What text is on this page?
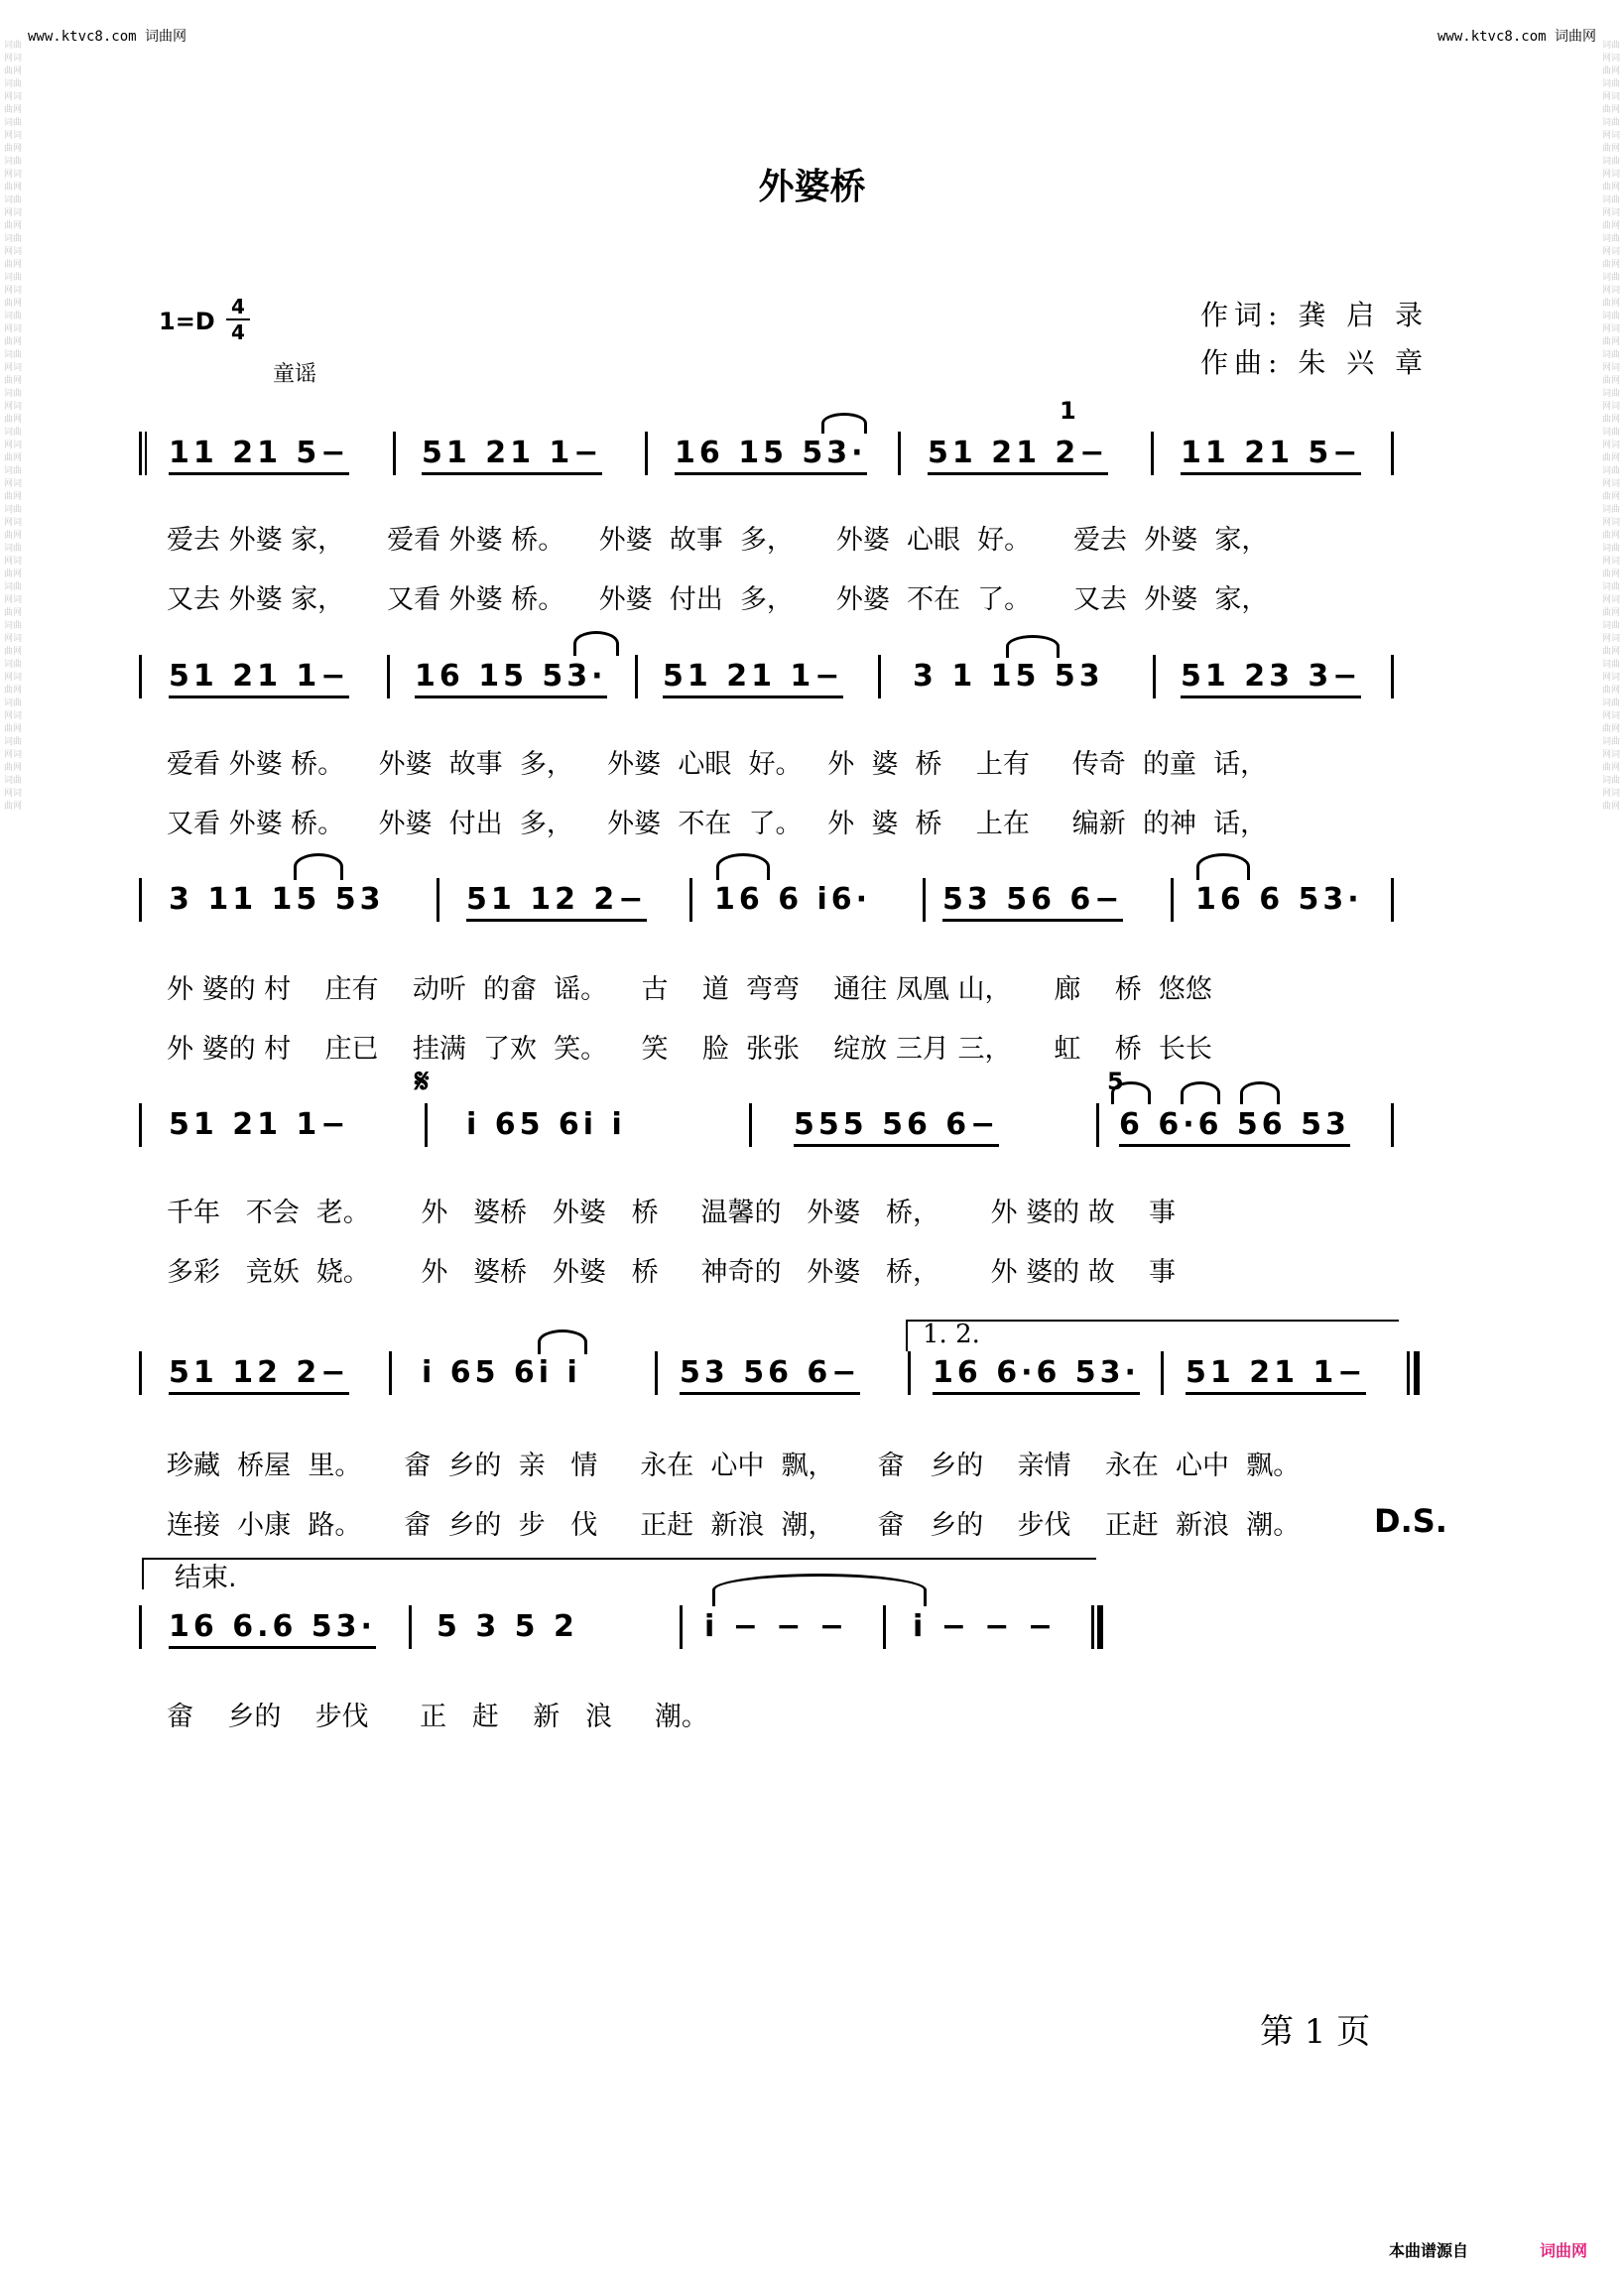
www.ktvc8.com 词曲网	www.ktvc8.com 词曲网
词曲网词曲网词曲网词曲网词曲网词曲网词曲网词曲网词曲网词曲网词曲网词曲网词曲网词曲网词曲网词曲网词曲网词曲网词曲网词曲网词曲网词曲网词曲网词曲网词曲网词曲网词曲网词曲网词曲网词曲网词曲网词曲网词曲网词曲网词曲网词曲网词曲网词曲网词曲网词曲网
词曲网词曲网词曲网词曲网词曲网词曲网词曲网词曲网词曲网词曲网词曲网词曲网词曲网词曲网词曲网词曲网词曲网词曲网词曲网词曲网词曲网词曲网词曲网词曲网词曲网词曲网词曲网词曲网词曲网词曲网词曲网词曲网词曲网词曲网词曲网词曲网词曲网词曲网词曲网词曲网
外婆桥
1=D
4
4
童谣
作词: 龚 启 录
作曲: 朱 兴 章
11 21 5− 51 21 1− 16 15 53· 51 21 2− 11 21 5−
1
爱去 外婆 家，     爱看 外婆 桥。    外婆  故事  多，     外婆  心眼  好。     爱去  外婆  家，
又去 外婆 家，     又看 外婆 桥。    外婆  付出  多，     外婆  不在  了。     又去  外婆  家，
51 21 1− 16 15 53· 51 21 1− 3 1 15 53	51 23 3−
爱看 外婆 桥。    外婆  故事  多，    外婆  心眼  好。   外  婆  桥    上有     传奇  的童  话，
又看 外婆 桥。    外婆  付出  多，    外婆  不在  了。   外  婆  桥    上在     编新  的神  话，
3 11 15 53	51 12 2− 16 6 i6· 53 56 6− 16 6 53·
外 婆的 村    庄有    动听  的畲  谣。    古    道  弯弯    通往 凤凰 山，     廊    桥  悠悠
外 婆的 村    庄已    挂满  了欢  笑。    笑    脸  张张    绽放 三月 三，     虹    桥  长长
𝄋	5
51 21 1−	i 65 6i i	555 56 6−	6 6·6 56 53
千年   不会  老。      外   婆桥   外婆   桥     温馨的   外婆   桥，      外 婆的 故    事
多彩   竞妖  娆。      外   婆桥   外婆   桥     神奇的   外婆   桥，      外 婆的 故    事
1. 2.
51 12 2− i 65 6i i	53 56 6− 16 6·6 53· 51 21 1−
珍藏  桥屋  里。     畲  乡的  亲   情     永在  心中  飘，     畲   乡的    亲情    永在  心中  飘。
连接  小康  路。     畲  乡的  步   伐     正赶  新浪  潮，     畲   乡的    步伐    正赶  新浪  潮。 D.S.
结束.
16 6.6 53· 5 3 5 2	i − − − i − − −
畲    乡的    步伐      正   赶    新   浪     潮。
第 1 页
本曲谱源自	词曲网
